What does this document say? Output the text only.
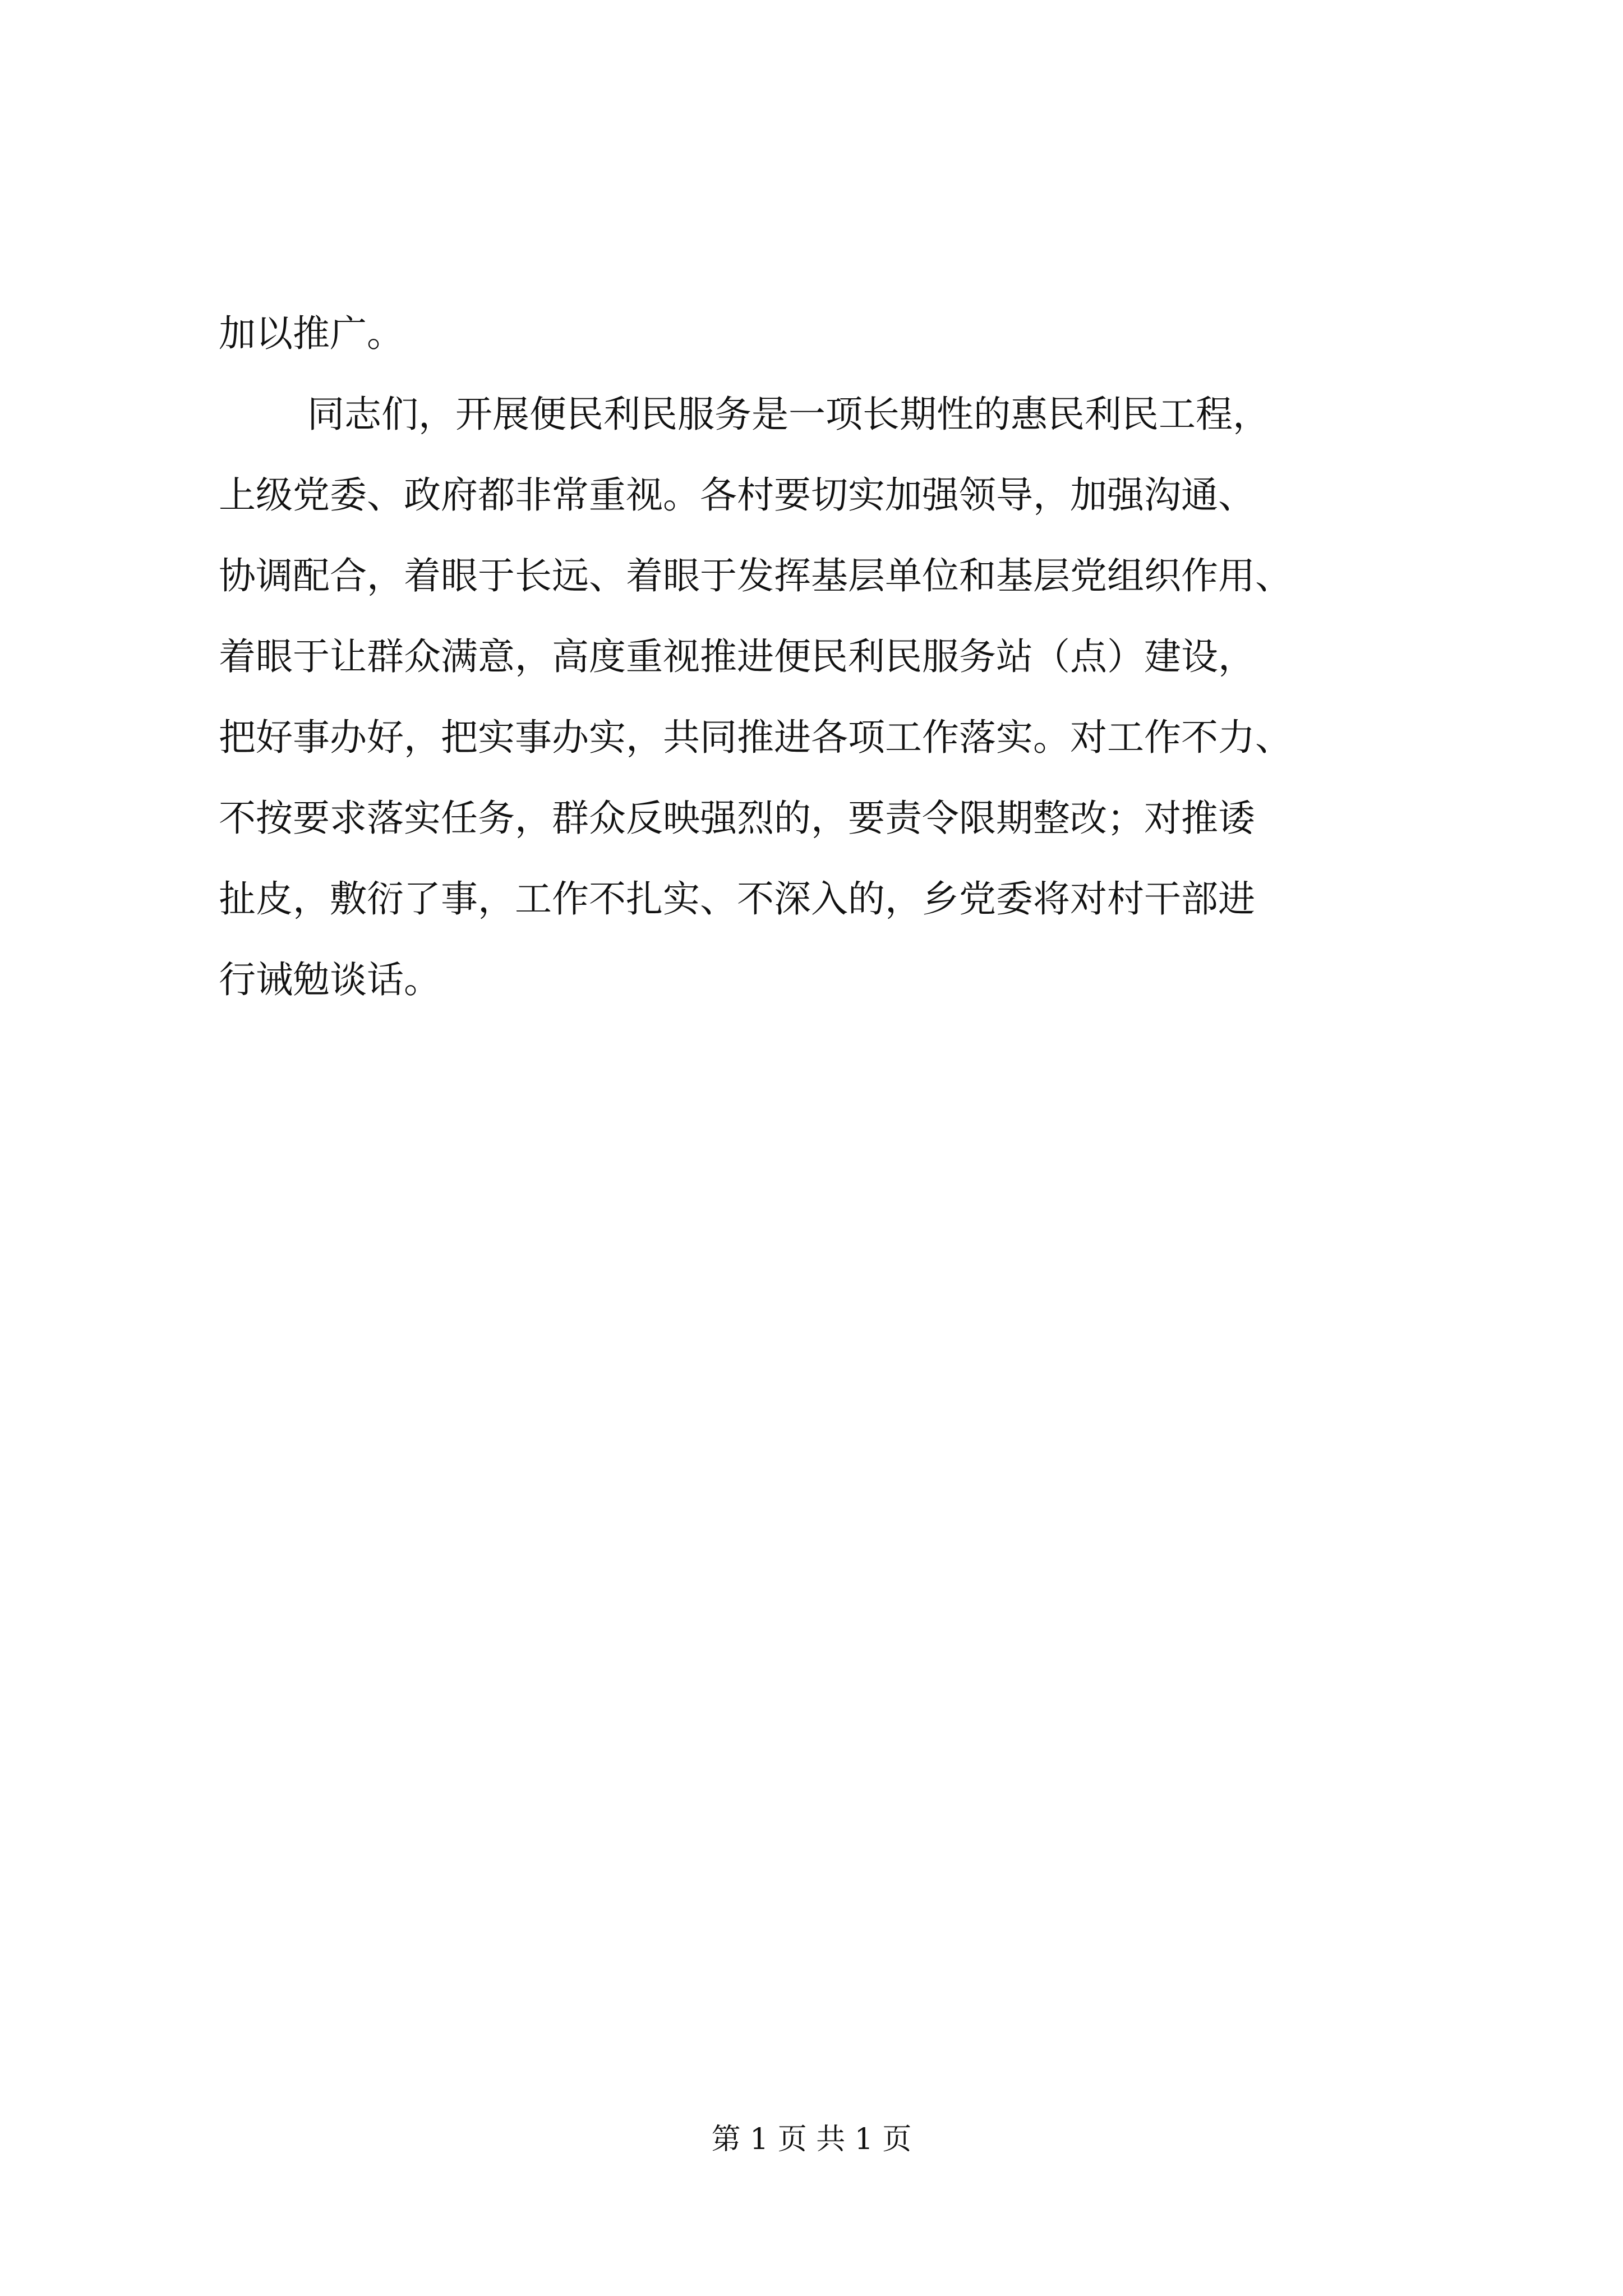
加以推广。
同志们，开展便民利民服务是一项长期性的惠民利民工程，
上级党委、政府都非常重视。各村要切实加强领导，加强沟通、
协调配合，着眼于长远、着眼于发挥基层单位和基层党组织作用、
着眼于让群众满意，高度重视推进便民利民服务站（点）建设，
把好事办好，把实事办实，共同推进各项工作落实。对工作不力、
不按要求落实任务，群众反映强烈的，要责令限期整改；对推诿
扯皮，敷衍了事，工作不扎实、不深入的，乡党委将对村干部进
行诫勉谈话。
第 1 页 共 1 页
